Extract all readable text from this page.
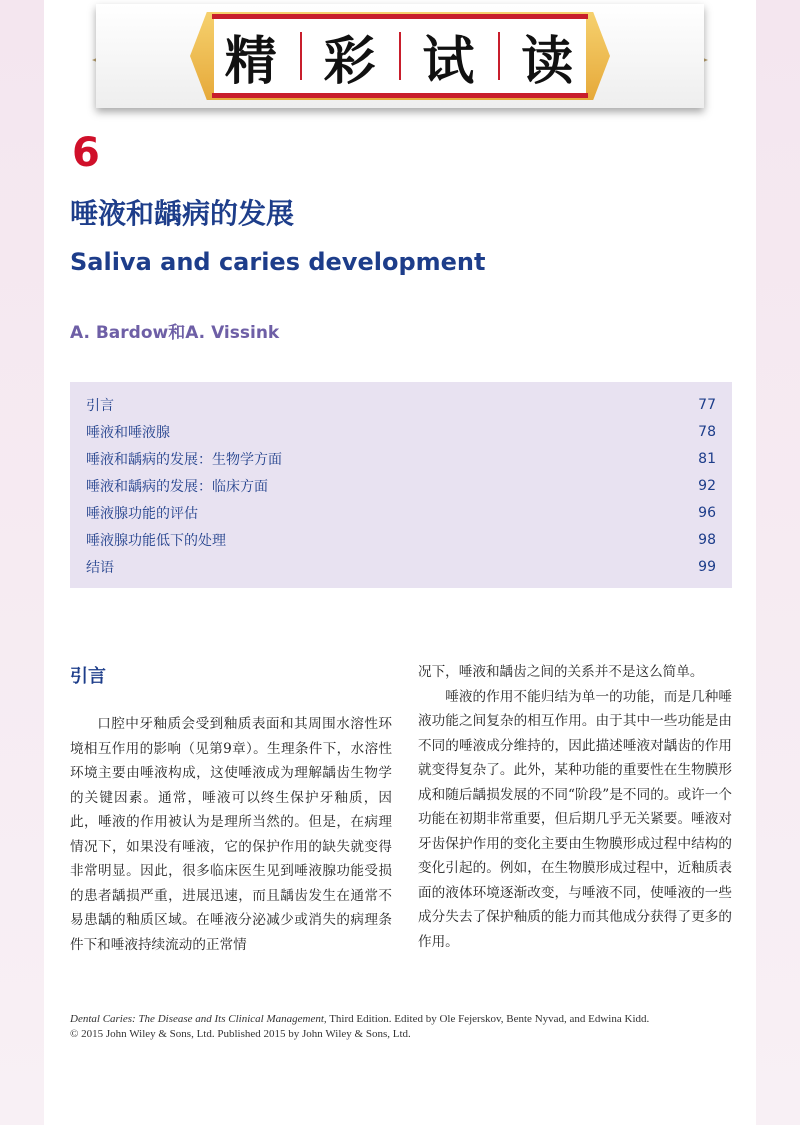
精 彩 试 读
6
唾液和龋病的发展
Saliva and caries development
A. Bardow和A. Vissink
引言	77
唾液和唾液腺	78
唾液和龋病的发展：生物学方面	81
唾液和龋病的发展：临床方面	92
唾液腺功能的评估	96
唾液腺功能低下的处理	98
结语	99
引言

口腔中牙釉质会受到釉质表面和其周围水溶性环境相互作用的影响（见第9章）。生理条件下，水溶性环境主要由唾液构成，这使唾液成为理解龋齿生物学的关键因素。通常，唾液可以终生保护牙釉质，因此，唾液的作用被认为是理所当然的。但是，在病理情况下，如果没有唾液，它的保护作用的缺失就变得非常明显。因此，很多临床医生见到唾液腺功能受损的患者龋损严重，进展迅速，而且龋齿发生在通常不易患龋的釉质区域。在唾液分泌减少或消失的病理条件下和唾液持续流动的正常情

况下，唾液和龋齿之间的关系并不是这么简单。

唾液的作用不能归结为单一的功能，而是几种唾液功能之间复杂的相互作用。由于其中一些功能是由不同的唾液成分维持的，因此描述唾液对龋齿的作用就变得复杂了。此外，某种功能的重要性在生物膜形成和随后龋损发展的不同“阶段”是不同的。或许一个功能在初期非常重要，但后期几乎无关紧要。唾液对牙齿保护作用的变化主要由生物膜形成过程中结构的变化引起的。例如，在生物膜形成过程中，近釉质表面的液体环境逐渐改变，与唾液不同，使唾液的一些成分失去了保护釉质的能力而其他成分获得了更多的作用。

Dental Caries: The Disease and Its Clinical Management, Third Edition. Edited by Ole Fejerskov, Bente Nyvad, and Edwina Kidd.
© 2015 John Wiley & Sons, Ltd. Published 2015 by John Wiley & Sons, Ltd.
